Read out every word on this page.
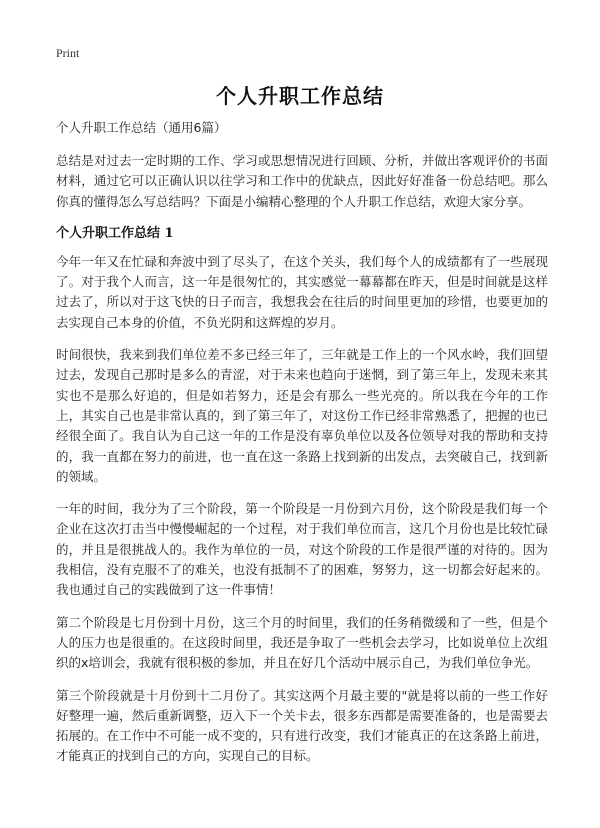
Print
个人升职工作总结
个人升职工作总结（通用6篇）

总结是对过去一定时期的工作、学习或思想情况进行回顾、分析，并做出客观评价的书面材料，通过它可以正确认识以往学习和工作中的优缺点，因此好好准备一份总结吧。那么你真的懂得怎么写总结吗？下面是小编精心整理的个人升职工作总结，欢迎大家分享。

个人升职工作总结 1

今年一年又在忙碌和奔波中到了尽头了，在这个关头，我们每个人的成绩都有了一些展现了。对于我个人而言，这一年是很匆忙的，其实感觉一幕幕都在昨天，但是时间就是这样过去了，所以对于这飞快的日子而言，我想我会在往后的时间里更加的珍惜，也要更加的去实现自己本身的价值，不负光阴和这辉煌的岁月。

时间很快，我来到我们单位差不多已经三年了，三年就是工作上的一个风水岭，我们回望过去，发现自己那时是多么的青涩，对于未来也趋向于迷惘，到了第三年上，发现未来其实也不是那么好追的，但是如若努力，还是会有那么一些光亮的。所以我在今年的工作上，其实自己也是非常认真的，到了第三年了，对这份工作已经非常熟悉了，把握的也已经很全面了。我自认为自己这一年的工作是没有辜负单位以及各位领导对我的帮助和支持的，我一直都在努力的前进，也一直在这一条路上找到新的出发点，去突破自己，找到新的领域。

一年的时间，我分为了三个阶段，第一个阶段是一月份到六月份，这个阶段是我们每一个企业在这次打击当中慢慢崛起的一个过程，对于我们单位而言，这几个月份也是比较忙碌的，并且是很挑战人的。我作为单位的一员，对这个阶段的工作是很严谨的对待的。因为我相信，没有克服不了的难关，也没有抵制不了的困难，努努力，这一切都会好起来的。我也通过自己的实践做到了这一件事情！

第二个阶段是七月份到十月份，这三个月的时间里，我们的任务稍微缓和了一些，但是个人的压力也是很重的。在这段时间里，我还是争取了一些机会去学习，比如说单位上次组织的x培训会，我就有很积极的参加，并且在好几个活动中展示自己，为我们单位争光。

第三个阶段就是十月份到十二月份了。其实这两个月最主要的"就是将以前的一些工作好好整理一遍，然后重新调整，迈入下一个关卡去，很多东西都是需要准备的，也是需要去拓展的。在工作中不可能一成不变的，只有进行改变，我们才能真正的在这条路上前进，才能真正的找到自己的方向，实现自己的目标。
